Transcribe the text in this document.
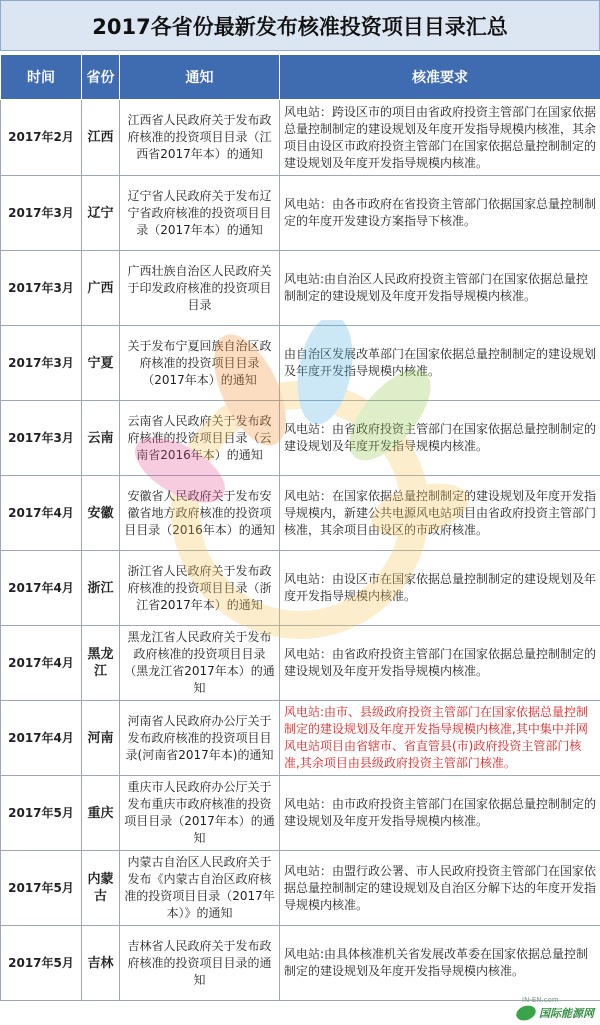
2017各省份最新发布核准投资项目目录汇总
时间	省份	通知	核准要求
2017年2月	江西	江西省人民政府关于发布政府核准的投资项目目录（江西省2017年本）的通知	风电站：跨设区市的项目由省政府投资主管部门在国家依据总量控制制定的建设规划及年度开发指导规模内核准，其余项目由设区市政府投资主管部门在国家依据总量控制制定的建设规划及年度开发指导规模内核准。
2017年3月	辽宁	辽宁省人民政府关于发布辽宁省政府核准的投资项目目录（2017年本）的通知	风电站：由各市政府在省投资主管部门依据国家总量控制制定的年度开发建设方案指导下核准。
2017年3月	广西	广西壮族自治区人民政府关于印发政府核准的投资项目目录	风电站:由自治区人民政府投资主管部门在国家依据总量控制制定的建设规划及年度开发指导规模内核准。
2017年3月	宁夏	关于发布宁夏回族自治区政府核准的投资项目目录（2017年本）的通知	由自治区发展改革部门在国家依据总量控制制定的建设规划及年度开发指导规模内核准。
2017年3月	云南	云南省人民政府关于发布政府核准的投资项目目录（云南省2016年本）的通知	风电站：由省政府投资主管部门在国家依据总量控制制定的建设规划及年度开发指导规模内核准。
2017年4月	安徽	安徽省人民政府关于发布安徽省地方政府核准的投资项目目录（2016年本）的通知	风电站：在国家依据总量控制制定的建设规划及年度开发指导规模内，新建公共电源风电站项目由省政府投资主管部门核准，其余项目由设区的市政府核准。
2017年4月	浙江	浙江省人民政府关于发布政府核准的投资项目目录（浙江省2017年本）的通知	风电站：由设区市在国家依据总量控制制定的建设规划及年度开发指导规模内核准。
2017年4月	黑龙江	黑龙江省人民政府关于发布政府核准的投资项目目录（黑龙江省2017年本）的通知	风电站：由省政府投资主管部门在国家依据总量控制制定的建设规划及年度开发指导规模内核准。
2017年4月	河南	河南省人民政府办公厅关于发布政府核准的投资项目目录(河南省2017年本)的通知	风电站:由市、县级政府投资主管部门在国家依据总量控制制定的建设规划及年度开发指导规模内核准,其中集中并网风电站项目由省辖市、省直管县(市)政府投资主管部门核准,其余项目由县级政府投资主管部门核准。
2017年5月	重庆	重庆市人民政府办公厅关于发布重庆市政府核准的投资项目目录（2017年本）的通知	风电站：由市政府投资主管部门在国家依据总量控制制定的建设规划及年度开发指导规模内核准。
2017年5月	内蒙古	内蒙古自治区人民政府关于发布《内蒙古自治区政府核准的投资项目目录（2017年本）》的通知	风电站：由盟行政公署、市人民政府投资主管部门在国家依据总量控制制定的建设规划及自治区分解下达的年度开发指导规模内核准。
2017年5月	吉林	吉林省人民政府关于发布政府核准的投资项目目录的通知	风电站:由具体核准机关省发展改革委在国家依据总量控制制定的建设规划及年度开发指导规模内核准。
IN-EN.com
国际能源网
